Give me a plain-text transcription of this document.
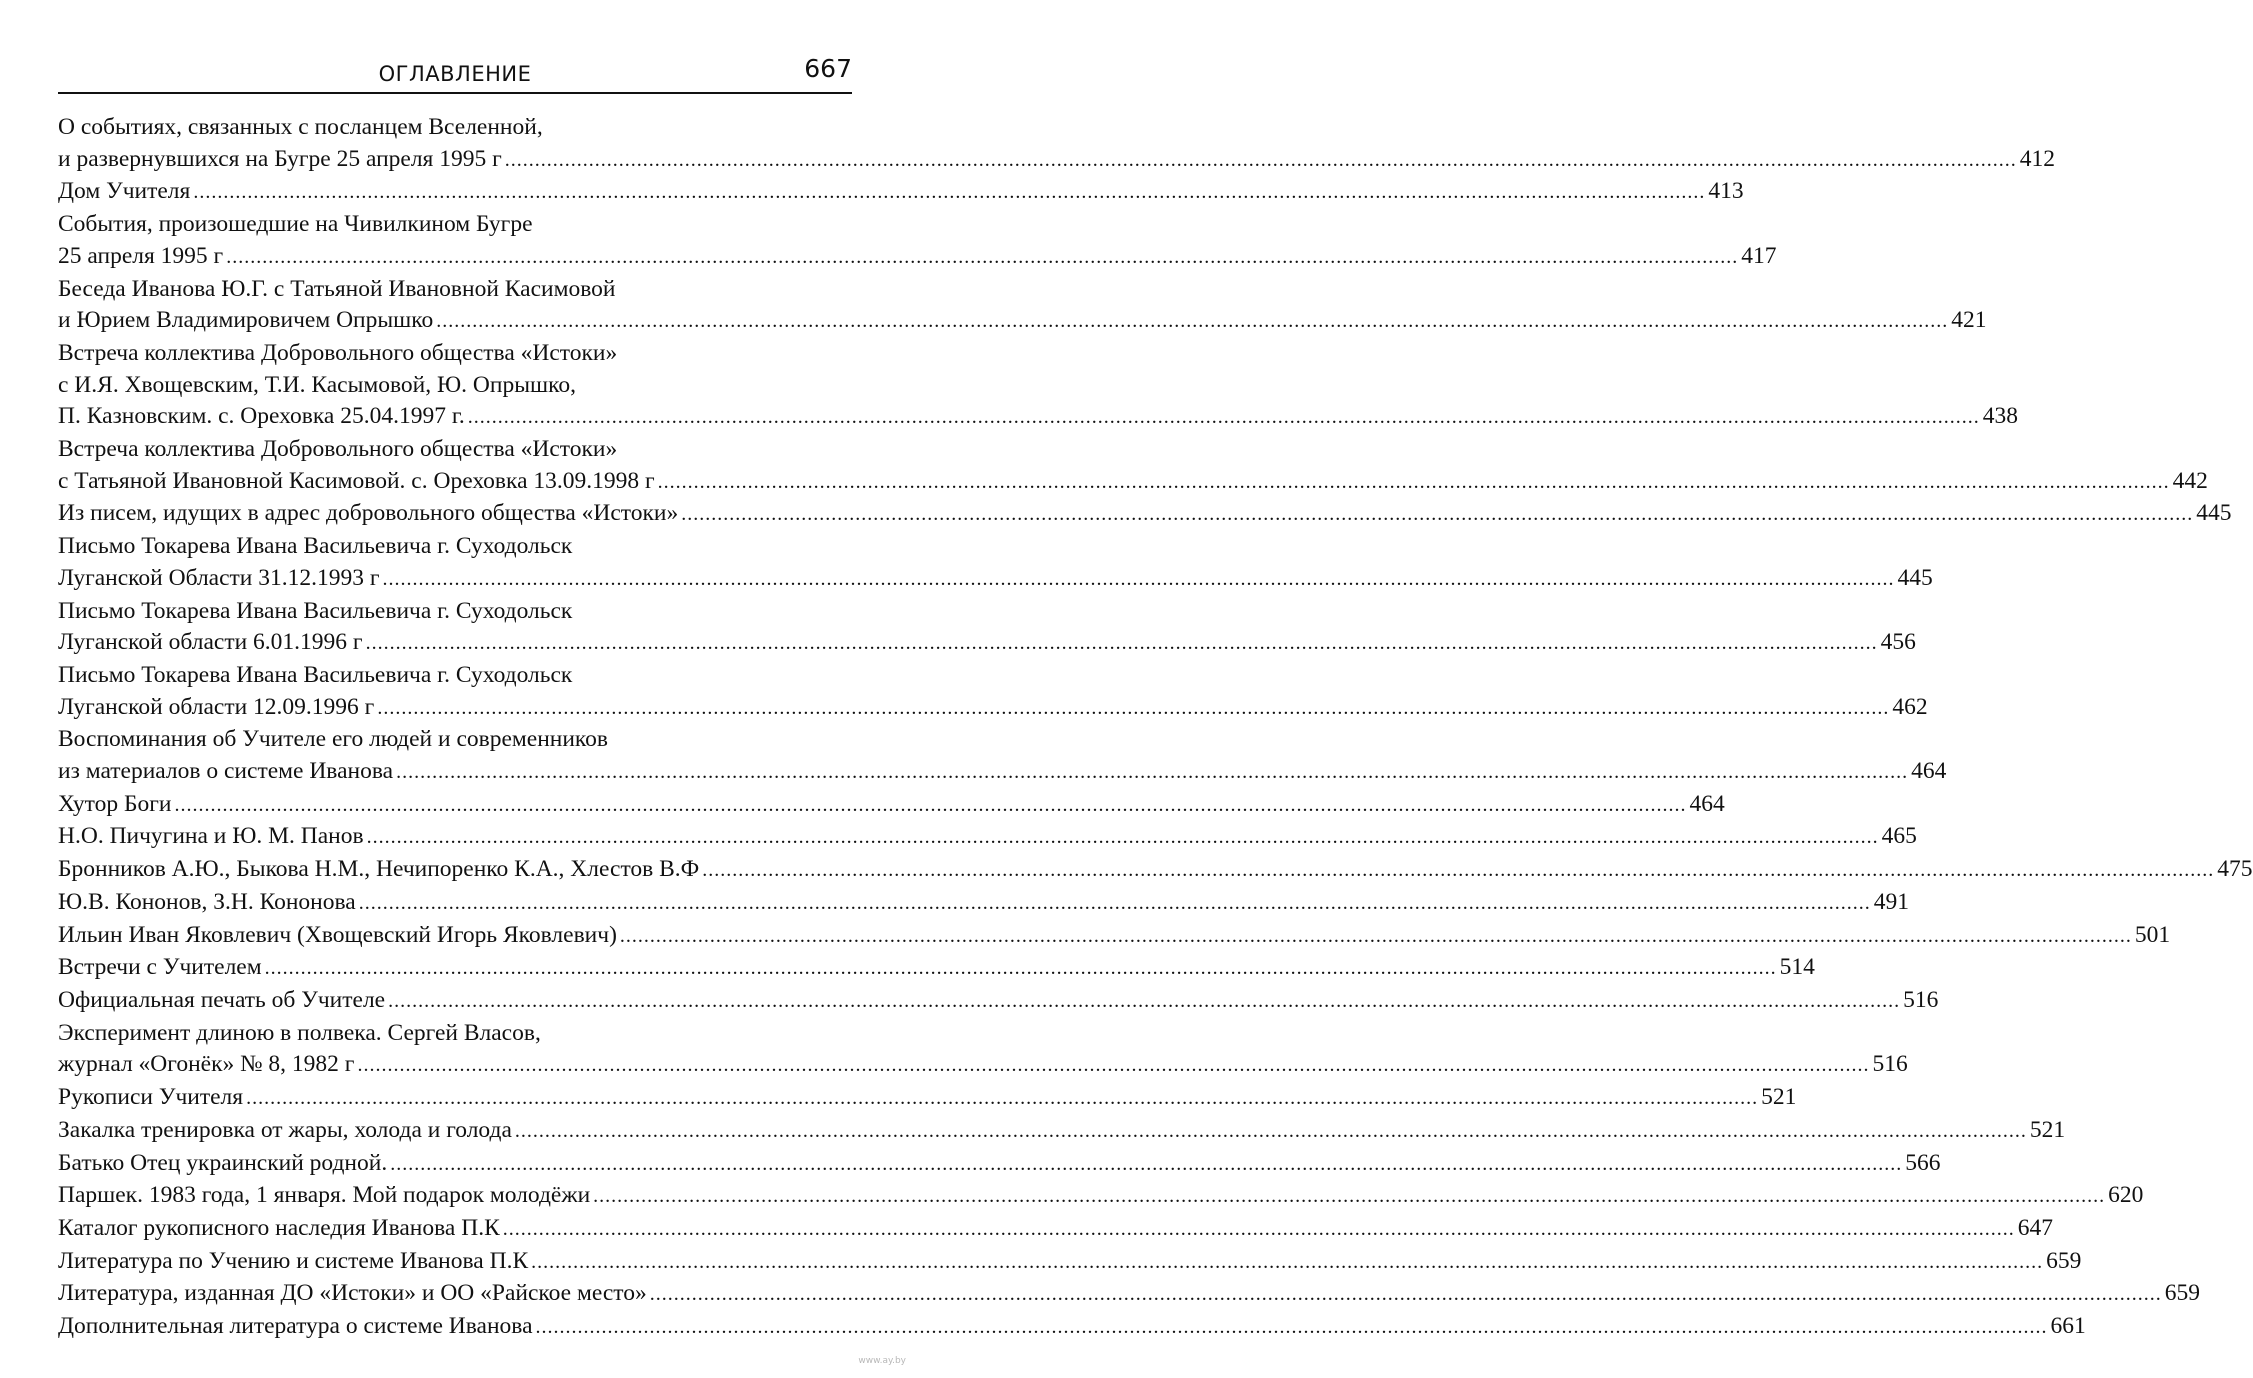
ОГЛАВЛЕНИЕ	667
О событиях, связанных с посланцем Вселенной,
и развернувшихся на Бугре 25 апреля 1995 г .....	412
Дом Учителя .....	413
События, произошедшие на Чивилкином Бугре
25 апреля 1995 г .....	417
Беседа Иванова Ю.Г. с Татьяной Ивановной Касимовой
и Юрием Владимировичем Опрышко .....	421
Встреча коллектива Добровольного общества «Истоки»
с И.Я. Хвощевским, Т.И. Касымовой, Ю. Опрышко,
П. Казновским. с. Ореховка 25.04.1997 г. .....	438
Встреча коллектива Добровольного общества «Истоки»
с Татьяной Ивановной Касимовой. с. Ореховка 13.09.1998 г .....	442
Из писем, идущих в адрес добровольного общества «Истоки» .....	445
Письмо Токарева Ивана Васильевича г. Суходольск
Луганской Области 31.12.1993 г .....	445
Письмо Токарева Ивана Васильевича г. Суходольск
Луганской области 6.01.1996 г .....	456
Письмо Токарева Ивана Васильевича г. Суходольск
Луганской области 12.09.1996 г .....	462
Воспоминания об Учителе его людей и современников
из материалов о системе Иванова .....	464
Хутор Боги .....	464
Н.О. Пичугина и Ю. М. Панов .....	465
Бронников А.Ю., Быкова Н.М., Нечипоренко К.А., Хлестов В.Ф .....	475
Ю.В. Кононов, З.Н. Кононова .....	491
Ильин Иван Яковлевич (Хвощевский Игорь Яковлевич) .....	501
Встречи с Учителем .....	514
Официальная печать об Учителе .....	516
Эксперимент длиною в полвека. Сергей Власов,
журнал «Огонёк» № 8, 1982 г .....	516
Рукописи Учителя .....	521
Закалка тренировка от жары, холода и голода .....	521
Батько Отец украинский родной. .....	566
Паршек. 1983 года, 1 января. Мой подарок молодёжи .....	620
Каталог рукописного наследия Иванова П.К .....	647
Литература по Учению и системе Иванова П.К .....	659
Литература, изданная ДО «Истоки» и ОО «Райское место» .....	659
Дополнительная литература о системе Иванова .....	661
www.ay.by
